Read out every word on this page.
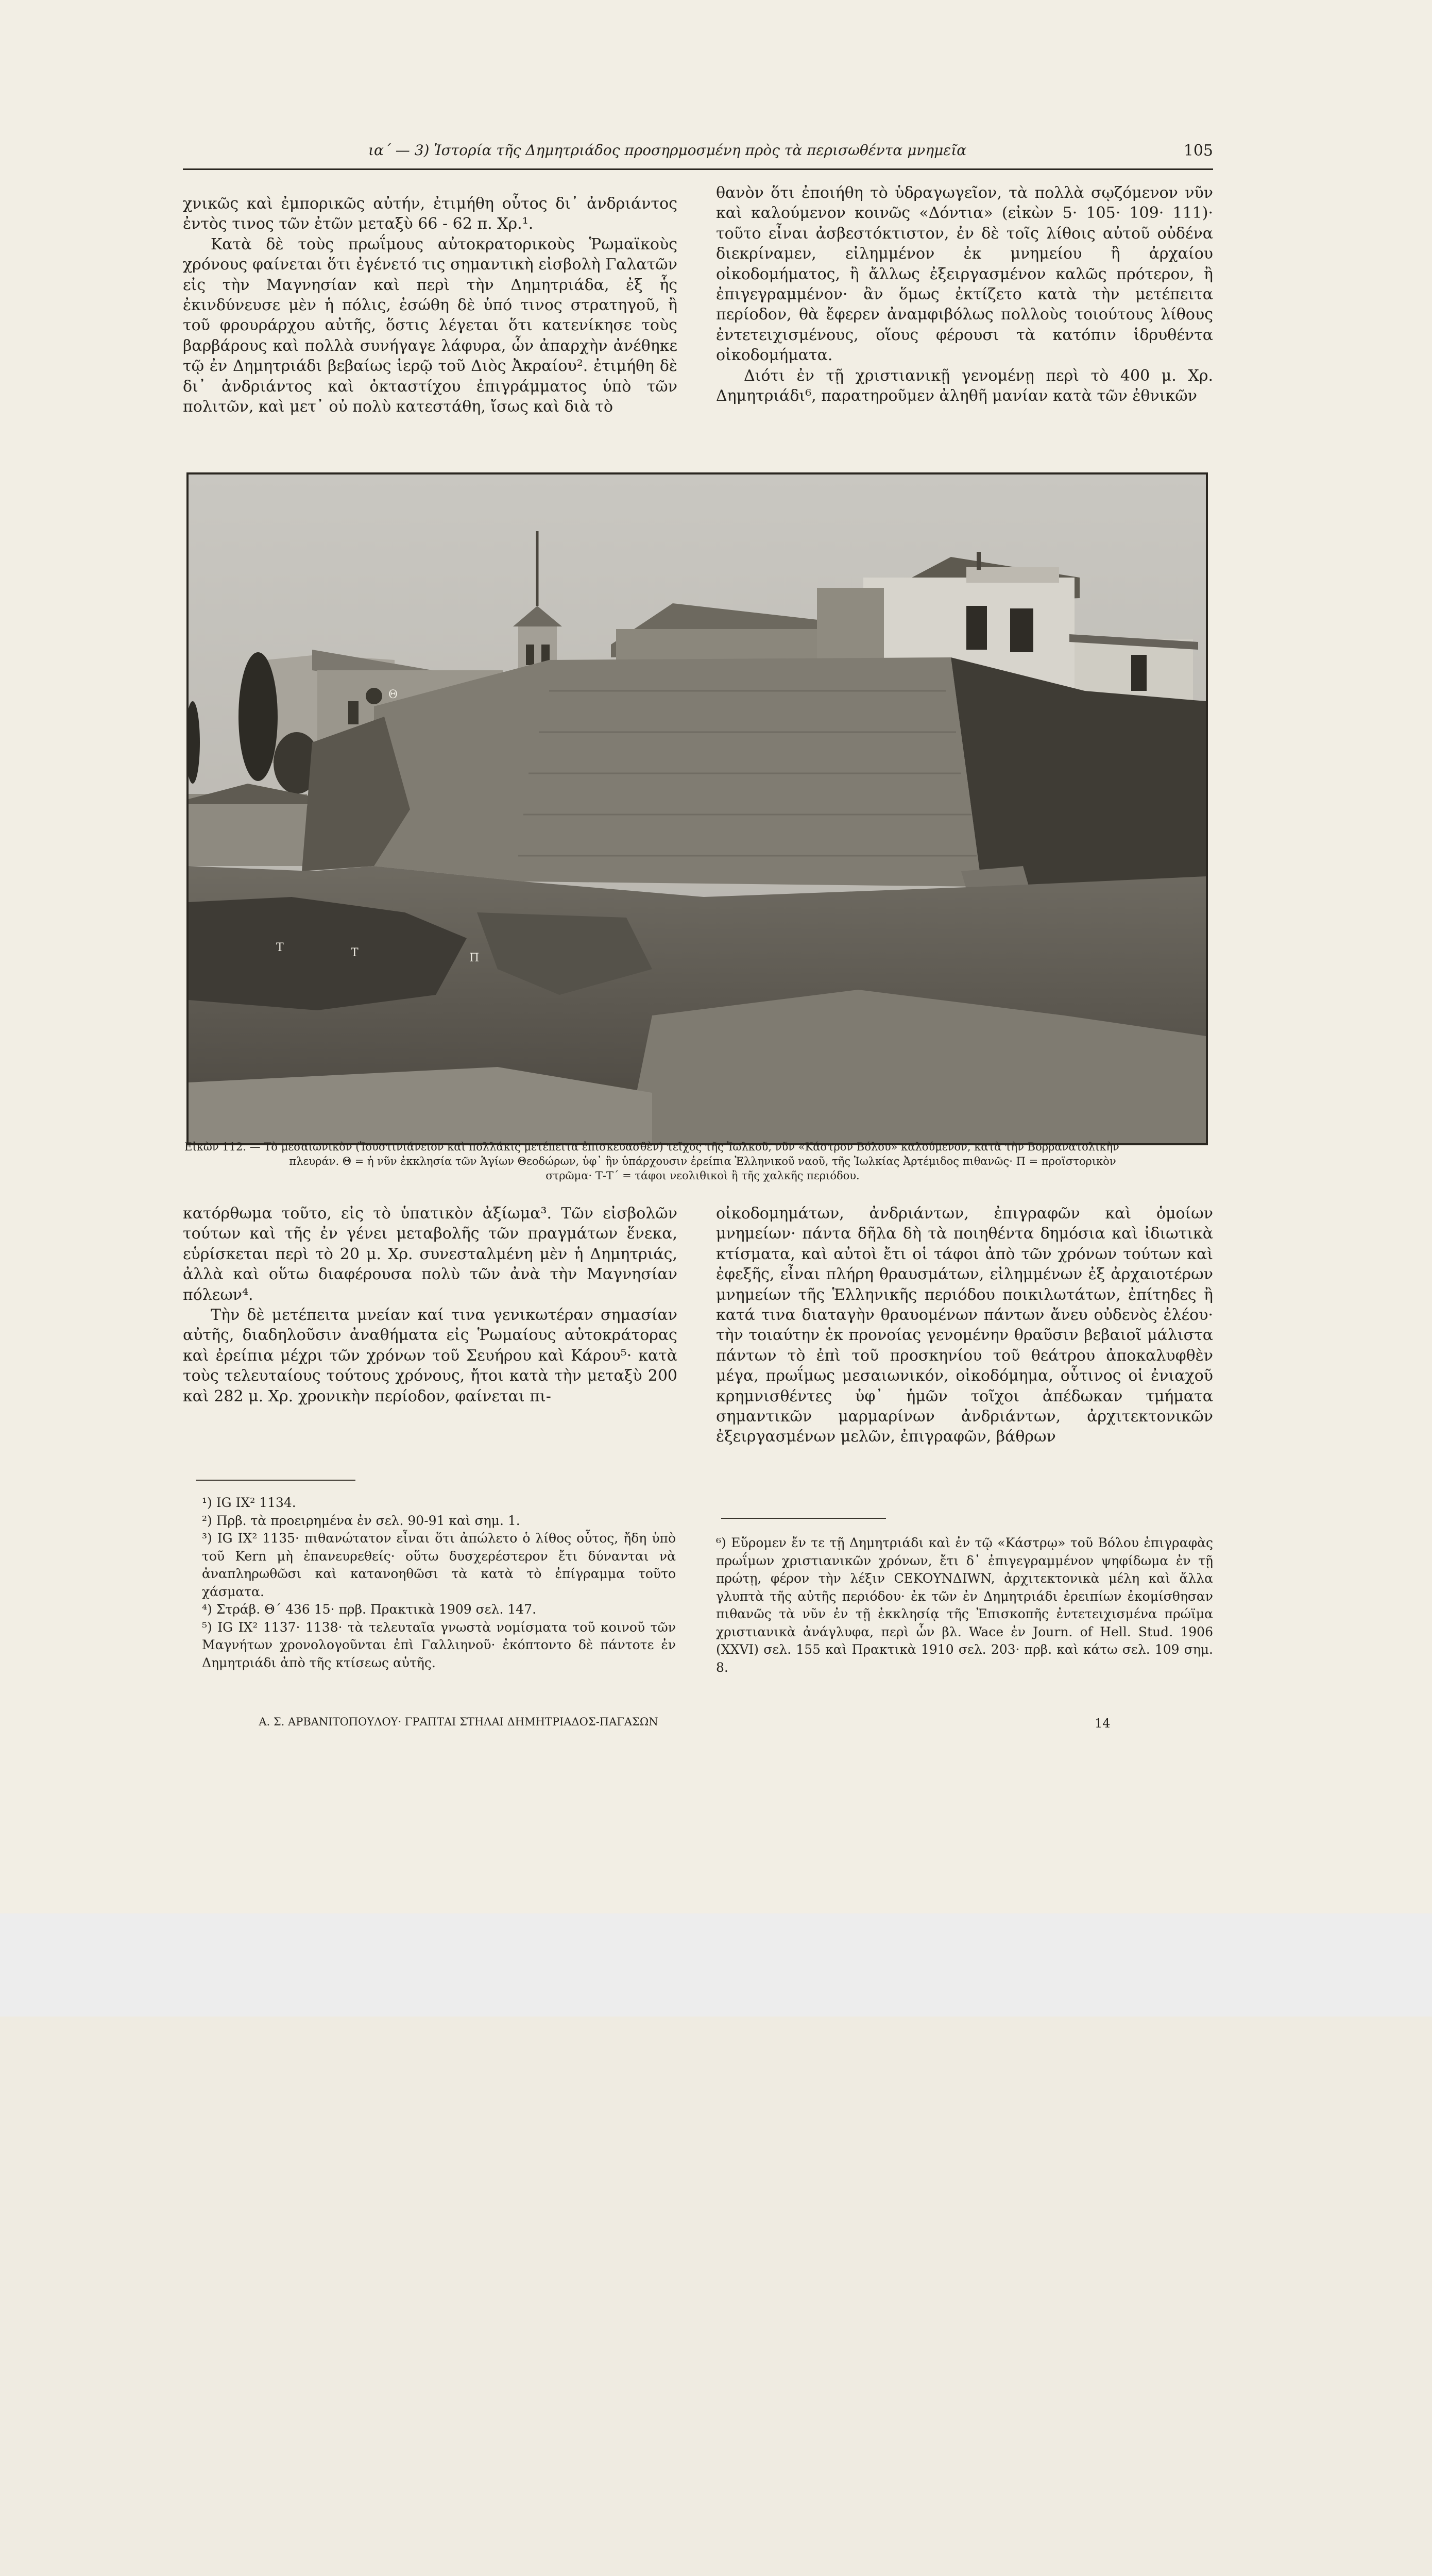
ια΄ — 3) Ἱστορία τῆς Δημητριάδος προσηρμοσμένη πρὸς τὰ περισωθέντα μνημεῖα	105

χνικῶς καὶ ἐμπορικῶς αὐτήν, ἐτιμήθη οὗτος δι᾽ ἀνδριάντος ἐντὸς τινος τῶν ἐτῶν μεταξὺ 66 - 62 π. Χρ.¹.

Κατὰ δὲ τοὺς πρωΐμους αὐτοκρατορικοὺς Ῥωμαϊκοὺς χρόνους φαίνεται ὅτι ἐγένετό τις σημαντικὴ εἰσβολὴ Γαλατῶν εἰς τὴν Μαγνησίαν καὶ περὶ τὴν Δημητριάδα, ἐξ ἧς ἐκινδύνευσε μὲν ἡ πόλις, ἐσώθη δὲ ὑπό τινος στρατηγοῦ, ἢ τοῦ φρουράρχου αὐτῆς, ὅστις λέγεται ὅτι κατενίκησε τοὺς βαρβάρους καὶ πολλὰ συνήγαγε λάφυρα, ὧν ἀπαρχὴν ἀνέθηκε τῷ ἐν Δημητριάδι βεβαίως ἱερῷ τοῦ Διὸς Ἀκραίου². ἐτιμήθη δὲ δι᾽ ἀνδριάντος καὶ ὀκταστίχου ἐπιγράμματος ὑπὸ τῶν πολιτῶν, καὶ μετ᾽ οὐ πολὺ κατεστάθη, ἴσως καὶ διὰ τὸ

θανὸν ὅτι ἐποιήθη τὸ ὑδραγωγεῖον, τὰ πολλὰ σῳζόμενον νῦν καὶ καλούμενον κοινῶς «Δόντια» (εἰκὼν 5· 105· 109· 111)· τοῦτο εἶναι ἀσβεστόκτιστον, ἐν δὲ τοῖς λίθοις αὐτοῦ οὐδένα διεκρίναμεν, εἰλημμένον ἐκ μνημείου ἢ ἀρχαίου οἰκοδομήματος, ἢ ἄλλως ἐξειργασμένον καλῶς πρότερον, ἢ ἐπιγεγραμμένον· ἂν ὅμως ἐκτίζετο κατὰ τὴν μετέπειτα περίοδον, θὰ ἔφερεν ἀναμφιβόλως πολλοὺς τοιούτους λίθους ἐντετειχισμένους, οἵους φέρουσι τὰ κατόπιν ἱδρυθέντα οἰκοδομήματα.

Διότι ἐν τῇ χριστιανικῇ γενομένῃ περὶ τὸ 400 μ. Χρ. Δημητριάδι⁶, παρατηροῦμεν ἀληθῆ μανίαν κατὰ τῶν ἐθνικῶν

Θ
Τ	Τ	Π
Εἰκὼν 112. — Τὸ μεσαιωνικὸν (Ἰουστινιάνειον καὶ πολλάκις μετέπειτα ἐπισκευασθὲν) τεῖχος τῆς Ἰωλκοῦ, νῦν «Κάστρον Βόλου» καλούμενον, κατὰ τὴν Βορρανατολικὴν
πλευράν. Θ = ἡ νῦν ἐκκλησία τῶν Ἁγίων Θεοδώρων, ὑφ᾽ ἣν ὑπάρχουσιν ἐρείπια Ἑλληνικοῦ ναοῦ, τῆς Ἰωλκίας Ἀρτέμιδος πιθανῶς· Π = προϊστορικὸν
στρῶμα· Τ-Τ΄ = τάφοι νεολιθικοὶ ἢ τῆς χαλκῆς περιόδου.

κατόρθωμα τοῦτο, εἰς τὸ ὑπατικὸν ἀξίωμα³. Τῶν εἰσβολῶν τούτων καὶ τῆς ἐν γένει μεταβολῆς τῶν πραγμάτων ἕνεκα, εὑρίσκεται περὶ τὸ 20 μ. Χρ. συνεσταλμένη μὲν ἡ Δημητριάς, ἀλλὰ καὶ οὕτω διαφέρουσα πολὺ τῶν ἀνὰ τὴν Μαγνησίαν πόλεων⁴.

Τὴν δὲ μετέπειτα μνείαν καί τινα γενικωτέραν σημασίαν αὐτῆς, διαδηλοῦσιν ἀναθήματα εἰς Ῥωμαίους αὐτοκράτορας καὶ ἐρείπια μέχρι τῶν χρόνων τοῦ Σευήρου καὶ Κάρου⁵· κατὰ τοὺς τελευταίους τούτους χρόνους, ἤτοι κατὰ τὴν μεταξὺ 200 καὶ 282 μ. Χρ. χρονικὴν περίοδον, φαίνεται πι-

οἰκοδομημάτων, ἀνδριάντων, ἐπιγραφῶν καὶ ὁμοίων μνημείων· πάντα δῆλα δὴ τὰ ποιηθέντα δημόσια καὶ ἰδιωτικὰ κτίσματα, καὶ αὐτοὶ ἔτι οἱ τάφοι ἀπὸ τῶν χρόνων τούτων καὶ ἐφεξῆς, εἶναι πλήρη θραυσμάτων, εἰλημμένων ἐξ ἀρχαιοτέρων μνημείων τῆς Ἑλληνικῆς περιόδου ποικιλωτάτων, ἐπίτηδες ἢ κατά τινα διαταγὴν θραυομένων πάντων ἄνευ οὐδενὸς ἐλέου· τὴν τοιαύτην ἐκ προνοίας γενομένην θραῦσιν βεβαιοῖ μάλιστα πάντων τὸ ἐπὶ τοῦ προσκηνίου τοῦ θεάτρου ἀποκαλυφθὲν μέγα, πρωΐμως μεσαιωνικόν, οἰκοδόμημα, οὗτινος οἱ ἐνιαχοῦ κρημνισθέντες ὑφ᾽ ἡμῶν τοῖχοι ἀπέδωκαν τμήματα σημαντικῶν μαρμαρίνων ἀνδριάντων, ἀρχιτεκτονικῶν ἐξειργασμένων μελῶν, ἐπιγραφῶν, βάθρων

¹) IG IX² 1134.

²) Πρβ. τὰ προειρημένα ἐν σελ. 90-91 καὶ σημ. 1.

³) IG IX² 1135· πιθανώτατον εἶναι ὅτι ἀπώλετο ὁ λίθος οὗτος, ἤδη ὑπὸ τοῦ Kern μὴ ἐπανευρεθείς· οὕτω δυσχερέστερον ἔτι δύνανται νὰ ἀναπληρωθῶσι καὶ κατανοηθῶσι τὰ κατὰ τὸ ἐπίγραμμα τοῦτο χάσματα.

⁴) Στράβ. Θ΄ 436 15· πρβ. Πρακτικὰ 1909 σελ. 147.

⁵) IG IX² 1137· 1138· τὰ τελευταῖα γνωστὰ νομίσματα τοῦ κοινοῦ τῶν Μαγνήτων χρονολογοῦνται ἐπὶ Γαλλιηνοῦ· ἐκόπτοντο δὲ πάντοτε ἐν Δημητριάδι ἀπὸ τῆς κτίσεως αὐτῆς.

⁶) Εὕρομεν ἔν τε τῇ Δημητριάδι καὶ ἐν τῷ «Κάστρῳ» τοῦ Βόλου ἐπιγραφὰς πρωΐμων χριστιανικῶν χρόνων, ἔτι δ᾽ ἐπιγεγραμμένον ψηφίδωμα ἐν τῇ πρώτῃ, φέρον τὴν λέξιν CEKOYNΔIWN, ἀρχιτεκτονικὰ μέλη καὶ ἄλλα γλυπτὰ τῆς αὐτῆς περιόδου· ἐκ τῶν ἐν Δημητριάδι ἐρειπίων ἐκομίσθησαν πιθανῶς τὰ νῦν ἐν τῇ ἐκκλησίᾳ τῆς Ἐπισκοπῆς ἐντετειχισμένα πρώϊμα χριστιανικὰ ἀνάγλυφα, περὶ ὧν βλ. Wace ἐν Journ. of Hell. Stud. 1906 (XXVI) σελ. 155 καὶ Πρακτικὰ 1910 σελ. 203· πρβ. καὶ κάτω σελ. 109 σημ. 8.

Α. Σ. ΑΡΒΑΝΙΤΟΠΟΥΛΟΥ· ΓΡΑΠΤΑΙ ΣΤΗΛΑΙ ΔΗΜΗΤΡΙΑΔΟΣ-ΠΑΓΑΣΩΝ	14
